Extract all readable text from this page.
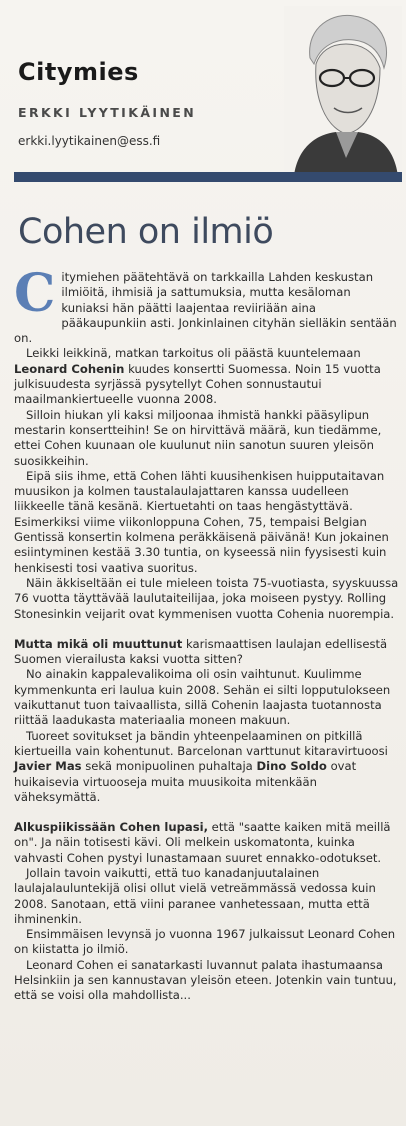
Citymies
ERKKI LYYTIKÄINEN
erkki.lyytikainen@ess.fi
Cohen on ilmiö

Citymiehen päätehtävä on tarkkailla Lahden keskustan ilmiöitä, ihmisiä ja sattumuksia, mutta kesäloman kuniaksi hän päätti laajentaa reviiriään aina pääkaupunkiin asti. Jonkinlainen cityhän sielläkin sentään on.

Leikki leikkinä, matkan tarkoitus oli päästä kuuntelemaan Leonard Cohenin kuudes konsertti Suomessa. Noin 15 vuotta julkisuudesta syrjässä pysytellyt Cohen sonnustautui maailmankiertueelle vuonna 2008.

Silloin hiukan yli kaksi miljoonaa ihmistä hankki pääsylipun mestarin konsertteihin! Se on hirvittävä määrä, kun tiedämme, ettei Cohen kuunaan ole kuulunut niin sanotun suuren yleisön suosikkeihin.

Eipä siis ihme, että Cohen lähti kuusihenkisen huipputaitavan muusikon ja kolmen taustalaulajattaren kanssa uudelleen liikkeelle tänä kesänä. Kiertuetahti on taas hengästyttävä. Esimerkiksi viime viikonloppuna Cohen, 75, tempaisi Belgian Gentissä konsertin kolmena peräkkäisenä päivänä! Kun jokainen esiintyminen kestää 3.30 tuntia, on kyseessä niin fyysisesti kuin henkisesti tosi vaativa suoritus.

Näin äkkiseltään ei tule mieleen toista 75-vuotiasta, syyskuussa 76 vuotta täyttävää laulutaiteilijaa, joka moiseen pystyy. Rolling Stonesinkin veijarit ovat kymmenisen vuotta Cohenia nuorempia.

Mutta mikä oli muuttunut karismaattisen laulajan edellisestä Suomen vierailusta kaksi vuotta sitten?

No ainakin kappalevalikoima oli osin vaihtunut. Kuulimme kymmenkunta eri laulua kuin 2008. Sehän ei silti lopputulokseen vaikuttanut tuon taivaallista, sillä Cohenin laajasta tuotannosta riittää laadukasta materiaalia moneen makuun.

Tuoreet sovitukset ja bändin yhteenpelaaminen on pitkillä kiertueilla vain kohentunut. Barcelonan varttunut kitaravirtuoosi Javier Mas sekä monipuolinen puhaltaja Dino Soldo ovat huikaisevia virtuooseja muita muusikoita mitenkään väheksymättä.

Alkuspiikissään Cohen lupasi, että "saatte kaiken mitä meillä on". Ja näin totisesti kävi. Oli melkein uskomatonta, kuinka vahvasti Cohen pystyi lunastamaan suuret ennakko-odotukset.

Jollain tavoin vaikutti, että tuo kanadanjuutalainen laulajalauluntekijä olisi ollut vielä vetreämmässä vedossa kuin 2008. Sanotaan, että viini paranee vanhetessaan, mutta että ihminenkin.

Ensimmäisen levynsä jo vuonna 1967 julkaissut Leonard Cohen on kiistatta jo ilmiö.

Leonard Cohen ei sanatarkasti luvannut palata ihastumaansa Helsinkiin ja sen kannustavan yleisön eteen. Jotenkin vain tuntuu, että se voisi olla mahdollista...
